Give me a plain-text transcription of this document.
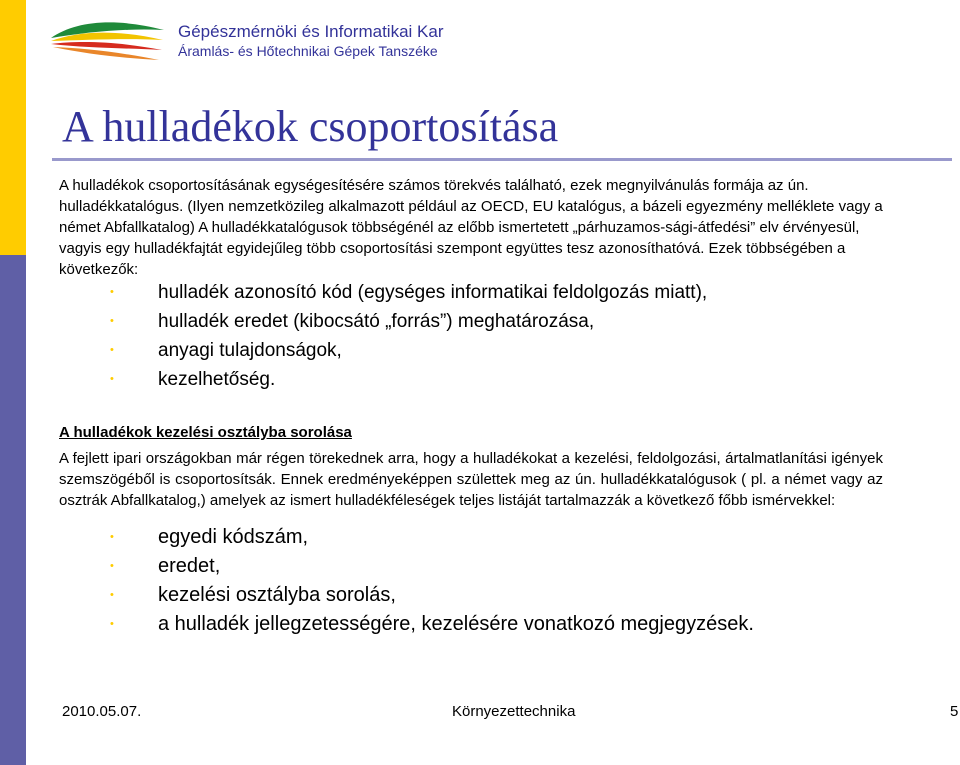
Gépészmérnöki és Informatikai Kar
Áramlás- és Hőtechnikai Gépek Tanszéke
A hulladékok csoportosítása

A hulladékok csoportosításának egységesítésére számos törekvés található, ezek megnyilvánulás formája az ún. hulladékkatalógus. (Ilyen nemzetközileg alkalmazott például az OECD, EU katalógus, a bázeli egyezmény melléklete vagy a német Abfallkatalog) A hulladékkatalógusok többségénél az előbb ismertetett „párhuzamos-sági-átfedési” elv érvényesül, vagyis egy hulladékfajtát egyidejűleg több csoportosítási szempont együttes tesz azonosíthatóvá. Ezek többségében a következők:

• hulladék azonosító kód (egységes informatikai feldolgozás miatt),
• hulladék eredet (kibocsátó „forrás”) meghatározása,
• anyagi tulajdonságok,
• kezelhetőség.
A hulladékok kezelési osztályba sorolása

A fejlett ipari országokban már régen törekednek arra, hogy a hulladékokat a kezelési, feldolgozási, ártalmatlanítási igények szemszögéből is csoportosítsák. Ennek eredményeképpen születtek meg az ún. hulladékkatalógusok ( pl. a német vagy az osztrák Abfallkatalog,) amelyek az ismert hulladékféleségek teljes listáját tartalmazzák a következő főbb ismérvekkel:

• egyedi kódszám,
• eredet,
• kezelési osztályba sorolás,
• a hulladék jellegzetességére, kezelésére vonatkozó megjegyzések.
2010.05.07.	Környezettechnika	5
